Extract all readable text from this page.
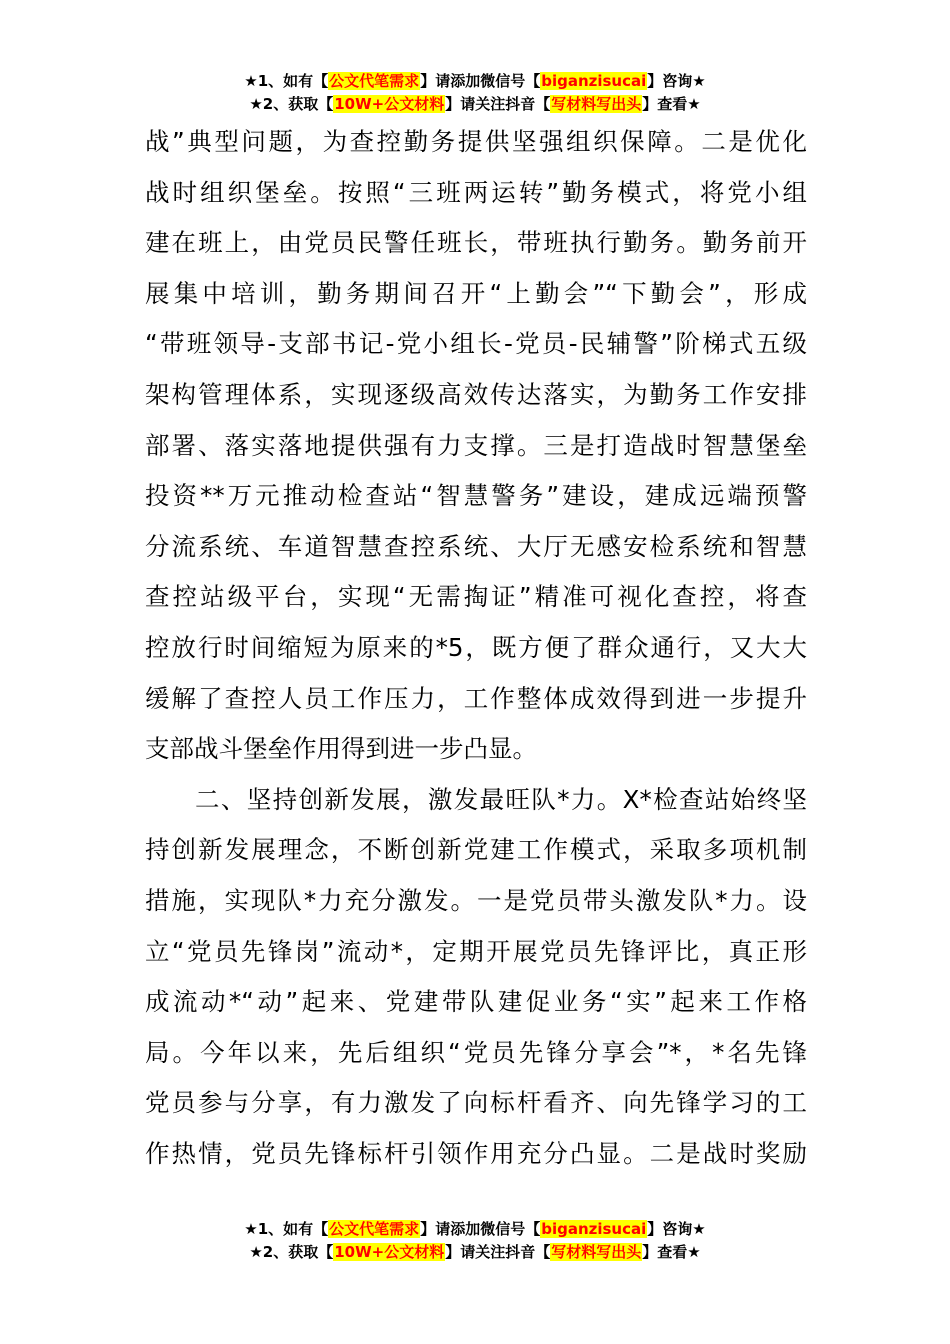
★1、如有【公文代笔需求】请添加微信号【biganzisucai】咨询★
★2、获取【10W+公文材料】请关注抖音【写材料写出头】查看★
战”典型问题，为查控勤务提供坚强组织保障。二是优化
战时组织堡垒。按照“三班两运转”勤务模式，将党小组
建在班上，由党员民警任班长，带班执行勤务。勤务前开
展集中培训，勤务期间召开“上勤会”“下勤会”，形成
“带班领导-支部书记-党小组长-党员-民辅警”阶梯式五级
架构管理体系，实现逐级高效传达落实，为勤务工作安排
部署、落实落地提供强有力支撑。三是打造战时智慧堡垒
投资**万元推动检查站“智慧警务”建设，建成远端预警
分流系统、车道智慧查控系统、大厅无感安检系统和智慧
查控站级平台，实现“无需掏证”精准可视化查控，将查
控放行时间缩短为原来的*5，既方便了群众通行，又大大
缓解了查控人员工作压力，工作整体成效得到进一步提升
支部战斗堡垒作用得到进一步凸显。
二、坚持创新发展，激发最旺队*力。X*检查站始终坚
持创新发展理念，不断创新党建工作模式，采取多项机制
措施，实现队*力充分激发。一是党员带头激发队*力。设
立“党员先锋岗”流动*，定期开展党员先锋评比，真正形
成流动*“动”起来、党建带队建促业务“实”起来工作格
局。今年以来，先后组织“党员先锋分享会”*，*名先锋
党员参与分享，有力激发了向标杆看齐、向先锋学习的工
作热情，党员先锋标杆引领作用充分凸显。二是战时奖励
★1、如有【公文代笔需求】请添加微信号【biganzisucai】咨询★
★2、获取【10W+公文材料】请关注抖音【写材料写出头】查看★
